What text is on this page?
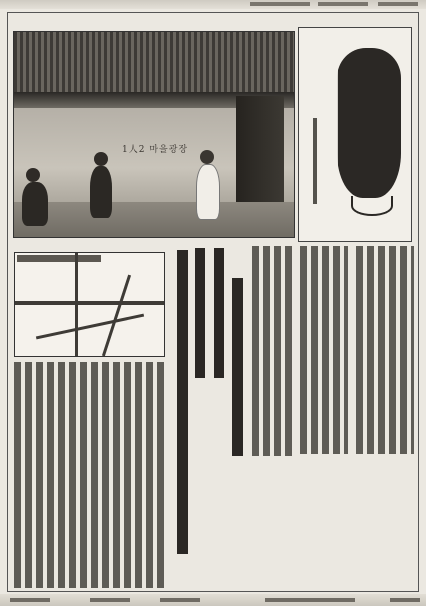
1人2 마을광장
